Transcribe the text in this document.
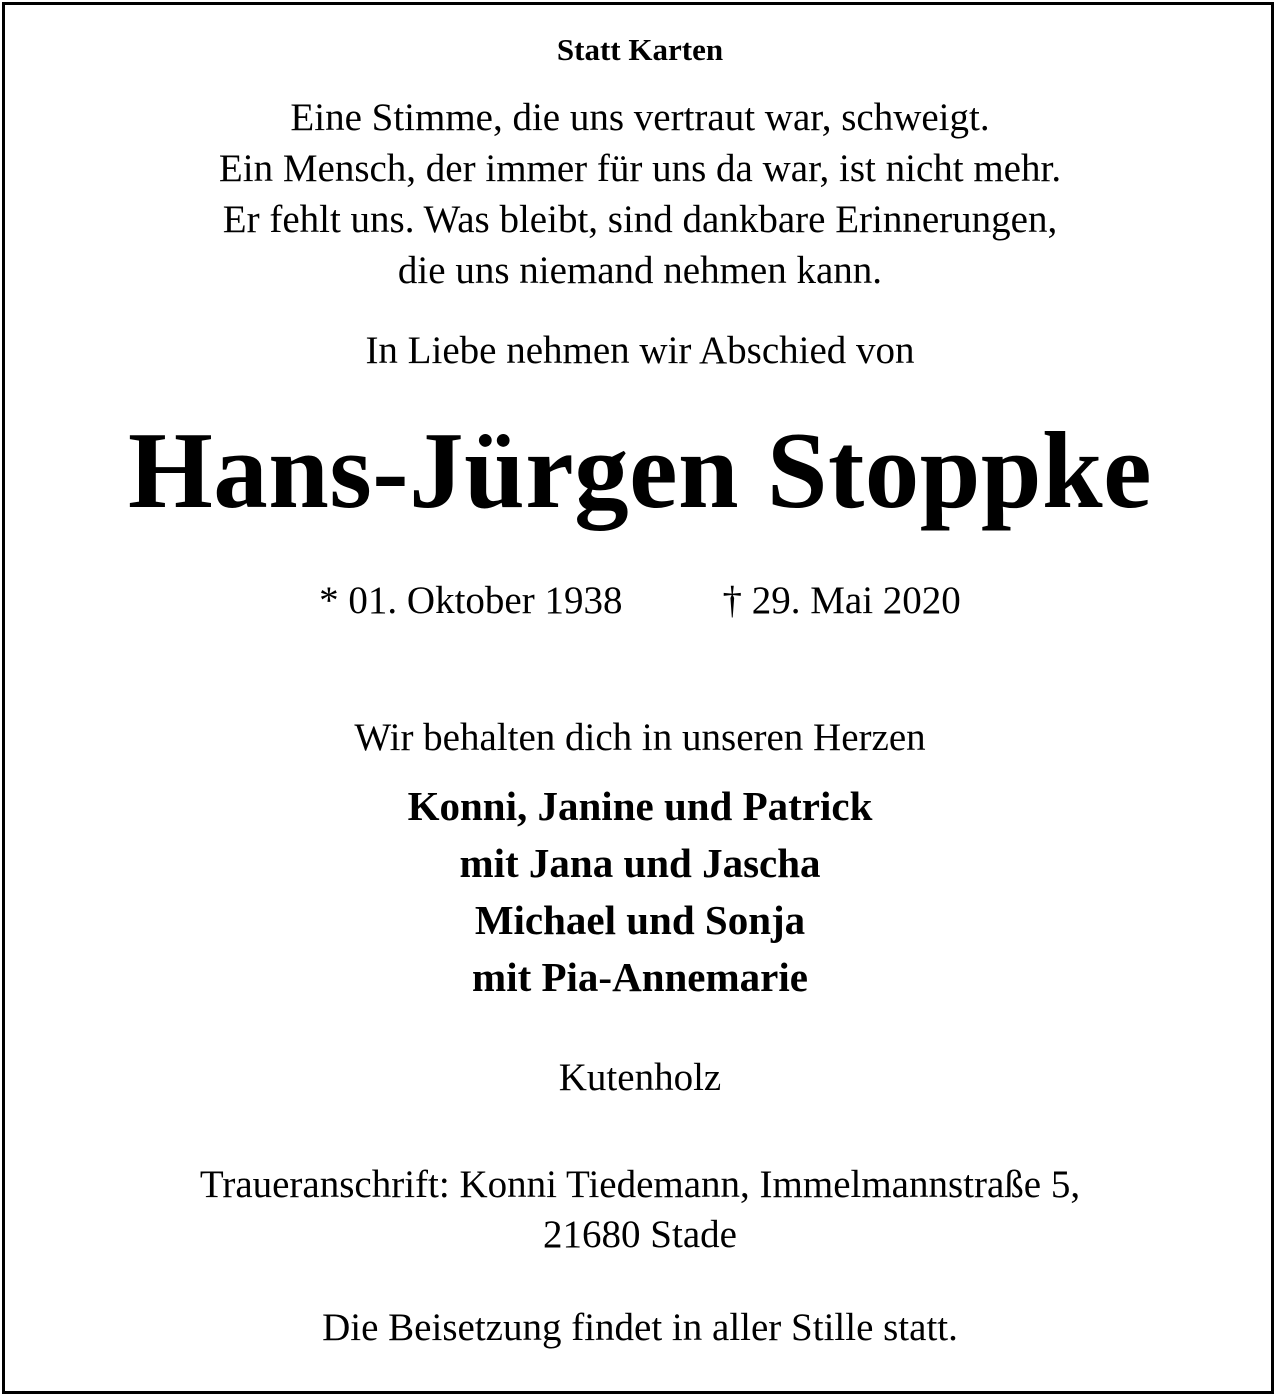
Statt Karten

Eine Stimme, die uns vertraut war, schweigt.
Ein Mensch, der immer für uns da war, ist nicht mehr.
Er fehlt uns. Was bleibt, sind dankbare Erinnerungen,
die uns niemand nehmen kann.

In Liebe nehmen wir Abschied von

Hans-Jürgen Stoppke
* 01. Oktober 1938	† 29. Mai 2020

Wir behalten dich in unseren Herzen

Konni, Janine und Patrick
mit Jana und Jascha
Michael und Sonja
mit Pia-Annemarie

Kutenholz

Traueranschrift: Konni Tiedemann, Immelmannstraße 5,
21680 Stade

Die Beisetzung findet in aller Stille statt.
